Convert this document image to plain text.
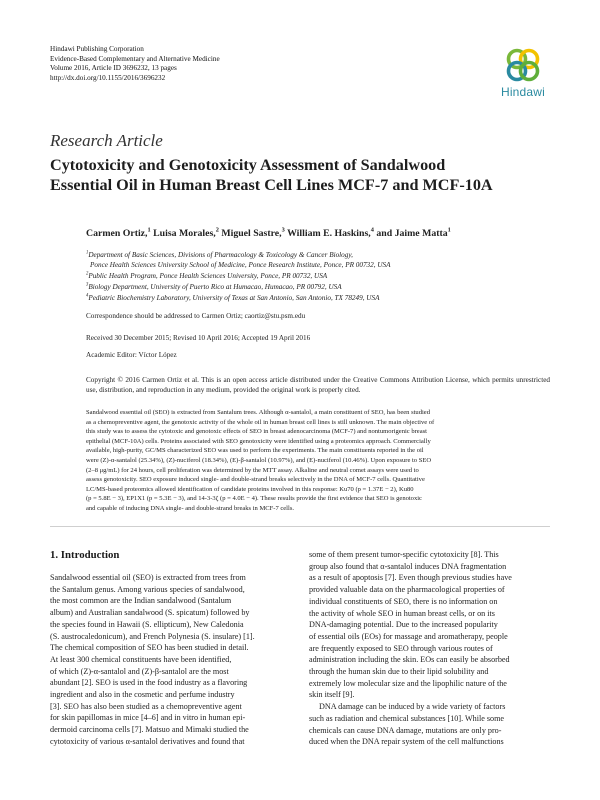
Hindawi Publishing Corporation
Evidence-Based Complementary and Alternative Medicine
Volume 2016, Article ID 3696232, 13 pages
http://dx.doi.org/10.1155/2016/3696232
Hindawi
Research Article
Cytotoxicity and Genotoxicity Assessment of Sandalwood
Essential Oil in Human Breast Cell Lines MCF-7 and MCF-10A
Carmen Ortiz,$^1$ Luisa Morales,$^2$ Miguel Sastre,$^3$ William E. Haskins,$^4$ and Jaime Matta$^1$
$^1$Department of Basic Sciences, Divisions of Pharmacology & Toxicology & Cancer Biology,
Ponce Health Sciences University School of Medicine, Ponce Research Institute, Ponce, PR 00732, USA
$^2$Public Health Program, Ponce Health Sciences University, Ponce, PR 00732, USA
$^3$Biology Department, University of Puerto Rico at Humacao, Humacao, PR 00792, USA
$^4$Pediatric Biochemistry Laboratory, University of Texas at San Antonio, San Antonio, TX 78249, USA
Correspondence should be addressed to Carmen Ortiz; caortiz@stu.psm.edu
Received 30 December 2015; Revised 10 April 2016; Accepted 19 April 2016
Academic Editor: Víctor López
Copyright © 2016 Carmen Ortiz et al. This is an open access article distributed under the Creative Commons Attribution License, which permits unrestricted use, distribution, and reproduction in any medium, provided the original work is properly cited.
Sandalwood essential oil (SEO) is extracted from Santalum trees. Although α-santalol, a main constituent of SEO, has been studied
as a chemopreventive agent, the genotoxic activity of the whole oil in human breast cell lines is still unknown. The main objective of
this study was to assess the cytotoxic and genotoxic effects of SEO in breast adenocarcinoma (MCF-7) and nontumorigenic breast
epithelial (MCF-10A) cells. Proteins associated with SEO genotoxicity were identified using a proteomics approach. Commercially
available, high-purity, GC/MS characterized SEO was used to perform the experiments. The main constituents reported in the oil
were (Z)-α-santalol (25.34%), (Z)-nuciferol (18.34%), (E)-β-santalol (10.97%), and (E)-nuciferol (10.46%). Upon exposure to SEO
(2–8 μg/mL) for 24 hours, cell proliferation was determined by the MTT assay. Alkaline and neutral comet assays were used to
assess genotoxicity. SEO exposure induced single- and double-strand breaks selectively in the DNA of MCF-7 cells. Quantitative
LC/MS-based proteomics allowed identification of candidate proteins involved in this response: Ku70 (p = 1.37E − 2), Ku80
(p = 5.8E − 3), EP1X1 (p = 5.3E − 3), and 14-3-3ζ (p = 4.0E − 4). These results provide the first evidence that SEO is genotoxic
and capable of inducing DNA single- and double-strand breaks in MCF-7 cells.
1. Introduction
Sandalwood essential oil (SEO) is extracted from trees from
the Santalum genus. Among various species of sandalwood,
the most common are the Indian sandalwood (Santalum
album) and Australian sandalwood (S. spicatum) followed by
the species found in Hawaii (S. ellipticum), New Caledonia
(S. austrocaledonicum), and French Polynesia (S. insulare) [1].
The chemical composition of SEO has been studied in detail.
At least 300 chemical constituents have been identified,
of which (Z)-α-santalol and (Z)-β-santalol are the most
abundant [2]. SEO is used in the food industry as a flavoring
ingredient and also in the cosmetic and perfume industry
[3]. SEO has also been studied as a chemopreventive agent
for skin papillomas in mice [4–6] and in vitro in human epi-
dermoid carcinoma cells [7]. Matsuo and Mimaki studied the
cytotoxicity of various α-santalol derivatives and found that
some of them present tumor-specific cytotoxicity [8]. This
group also found that α-santalol induces DNA fragmentation
as a result of apoptosis [7]. Even though previous studies have
provided valuable data on the pharmacological properties of
individual constituents of SEO, there is no information on
the activity of whole SEO in human breast cells, or on its
DNA-damaging potential. Due to the increased popularity
of essential oils (EOs) for massage and aromatherapy, people
are frequently exposed to SEO through various routes of
administration including the skin. EOs can easily be absorbed
through the human skin due to their lipid solubility and
extremely low molecular size and the lipophilic nature of the
skin itself [9].
DNA damage can be induced by a wide variety of factors
such as radiation and chemical substances [10]. While some
chemicals can cause DNA damage, mutations are only pro-
duced when the DNA repair system of the cell malfunctions
